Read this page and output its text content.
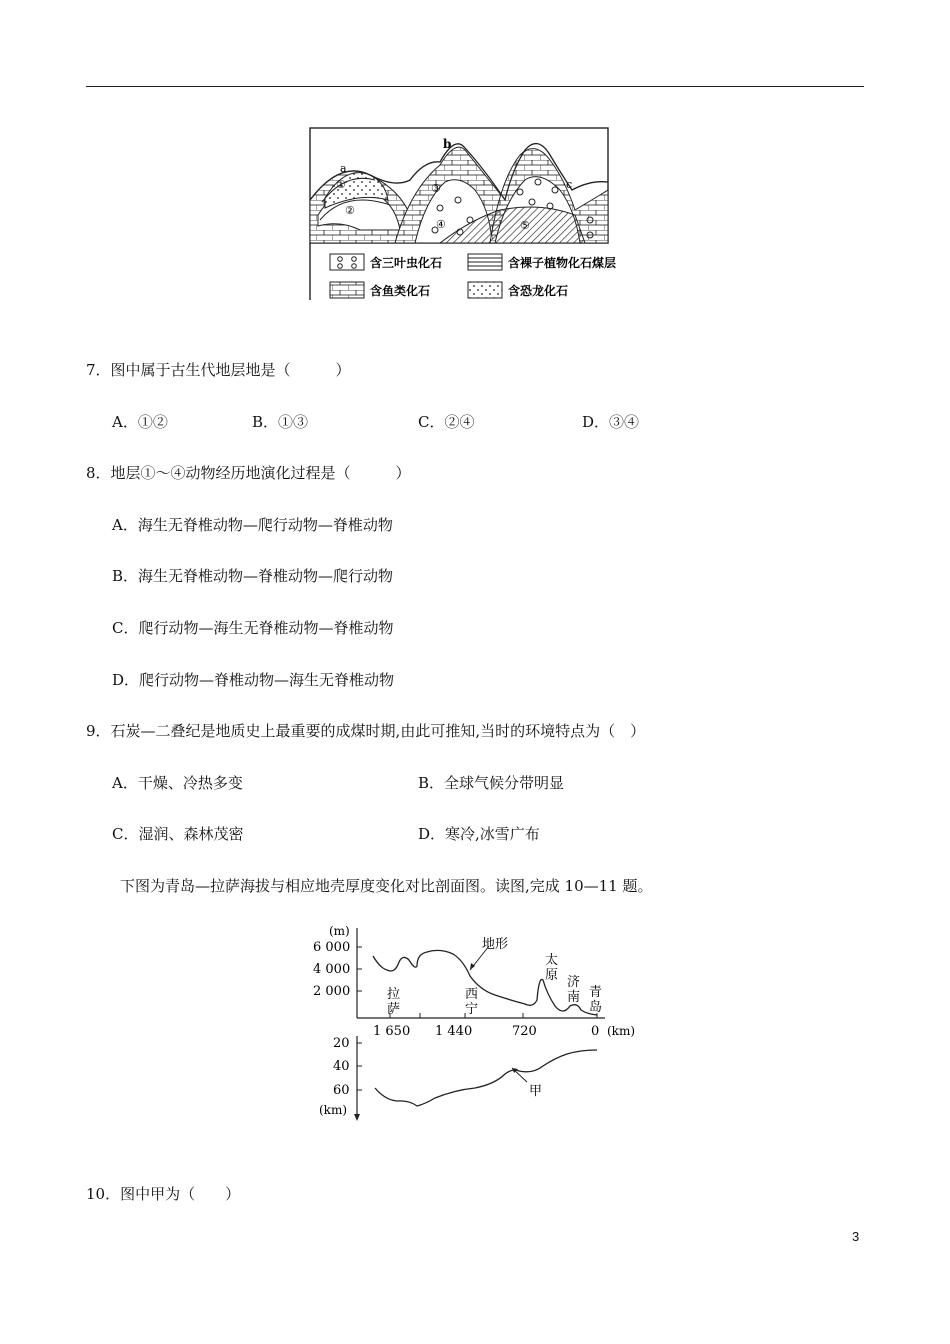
a
b
c
①
②
③
④	⑤
含三叶虫化石	含裸子植物化石煤层
含鱼类化石	含恐龙化石
7．图中属于古生代地层地是（　　　）
A．①②	B．①③	C．②④	D．③④
8．地层①～④动物经历地演化过程是（　　　）
A．海生无脊椎动物—爬行动物—脊椎动物
B．海生无脊椎动物—脊椎动物—爬行动物
C．爬行动物—海生无脊椎动物—脊椎动物
D．爬行动物—脊椎动物—海生无脊椎动物
9．石炭—二叠纪是地质史上最重要的成煤时期,由此可推知,当时的环境特点为（　）
A．干燥、冷热多变	B．全球气候分带明显
C．湿润、森林茂密	D．寒冷,冰雪广布
下图为青岛—拉萨海拔与相应地壳厚度变化对比剖面图。读图,完成 10—11 题。
(m)
6 000
4 000
2 000
1 650 1 440	720	0 (km)
地形
拉
萨
西
宁
太
原 济
南 青
岛
20
40
60
(km)
甲
10．图中甲为（　　）
3
